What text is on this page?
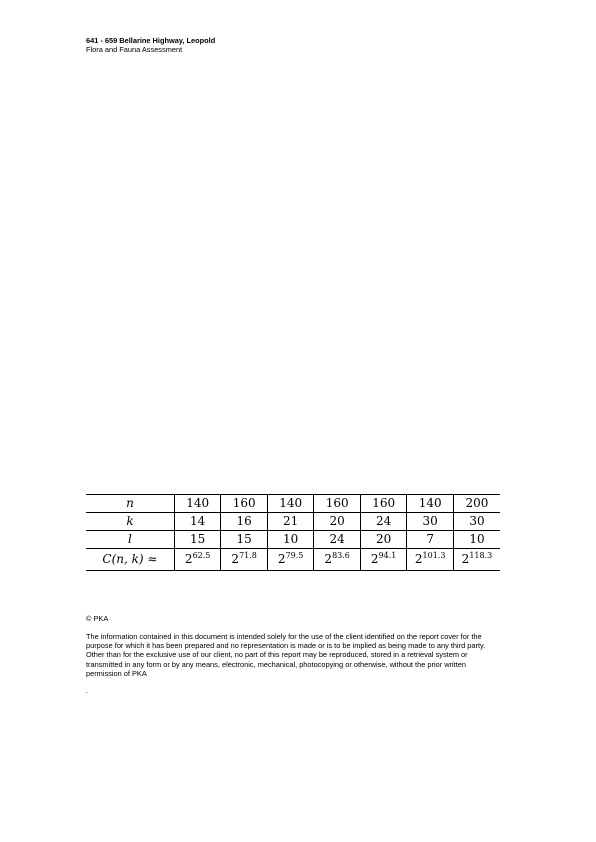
641 - 659 Bellarine Highway, Leopold
Flora and Fauna Assessment
n	140	160	140	160	160	140	200
k	14	16	21	20	24	30	30
l	15	15	10	24	20	7	10
C(n, k) ≈	$2^{62.5}$	$2^{71.8}$	$2^{79.5}$	$2^{83.6}$	$2^{94.1}$	$2^{101.3}$	$2^{118.3}$
© PKA
The information contained in this document is intended solely for the use of the client identified on the report cover for the purpose for which it has been prepared and no representation is made or is to be implied as being made to any third party. Other than for the exclusive use of our client, no part of this report may be reproduced, stored in a retrieval system or transmitted in any form or by any means, electronic, mechanical, photocopying or otherwise, without the prior written permission of PKA
.
